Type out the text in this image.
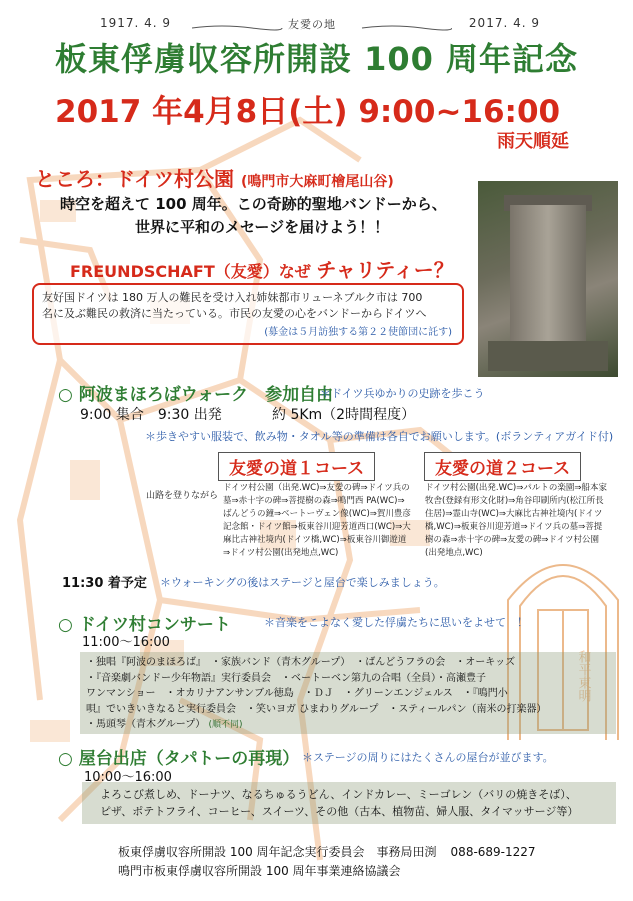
1917. 4. 9	友愛の地	2017. 4. 9
板東俘虜収容所開設 100 周年記念
2017 年4月8日(土) 9:00~16:00
雨天順延
ところ：ドイツ村公園 (鳴門市大麻町檜尾山谷)
時空を超えて 100 周年。この奇跡的聖地バンドーから、
世界に平和のメセージを届けよう！！
FREUNDSCHAFT（友愛）なぜ チャリティー？
友好国ドイツは 180 万人の難民を受け入れ姉妹都市リューネブルク市は 700
名に及ぶ難民の救済に当たっている。市民の友愛の心をバンドーからドイツへ
(募金は５月訪独する第２２使節団に託す)
○ 阿波まほろばウォーク　参加自由
＊ドイツ兵ゆかりの史跡を歩こう
9:00 集合　9:30 出発	約 5Km（2時間程度）
＊歩きやすい服装で、飲み物・タオル等の準備は各自でお願いします。(ボランティアガイド付)
友愛の道１コース	友愛の道２コース
山路を登りながら
ドイツ村公園（出発.WC)⇒友愛の碑⇒ドイツ兵の墓⇒赤十字の碑⇒菩提樹の森⇒鳴門西 PA(WC)⇒ばんどうの鐘⇒ベートーヴェン像(WC)⇒賀川豊彦記念館・ドイツ館⇒板東谷川迎芳道西口(WC)⇒大麻比古神社境内(ドイツ橋,WC)⇒板東谷川御遊道⇒ドイツ村公園(出発地点,WC)
ドイツ村公園(出発.WC)⇒パルトの楽園⇒船本家牧舎(登録有形文化財)⇒角谷印刷所内(松江所長住居)⇒霊山寺(WC)⇒大麻比古神社境内(ドイツ橋,WC)⇒板東谷川迎芳道⇒ドイツ兵の墓⇒菩提樹の森⇒赤十字の碑⇒友愛の碑⇒ドイツ村公園(出発地点,WC)
11:30 着予定 ＊ウォーキングの後はステージと屋台で楽しみましょう。
和平東明
○ ドイツ村コンサート	＊音楽をこよなく愛した俘虜たちに思いをよせて　！
11:00～16:00
・独唱『阿波のまほろば』　・家族バンド（青木グループ）　・ばんどうフラの会　・オーキッズ
・『音楽劇バンドー少年物語』実行委員会　・ベートーベン第九の合唱（全員）・高瀬豊子
ワンマンショー　・オカリナアンサンブル徳島　・ＤＪ　・グリーンエンジェルス　・『鳴門小
唄』でいきいきなると実行委員会　・笑いヨガ ひまわりグループ　・スティールパン（南米の打楽器）
・馬頭琴（青木グループ） (順不同)
○ 屋台出店（タパトーの再現） ＊ステージの周りにはたくさんの屋台が並びます。
10:00～16:00
よろこび煮しめ、ドーナツ、なるちゅるうどん、インドカレー、ミーゴレン（バリの焼きそば）、
ピザ、ポテトフライ、コーヒー、スイーツ、その他（古本、植物苗、婦人服、タイマッサージ等）
板東俘虜収容所開設 100 周年記念実行委員会　事務局田渕 088-689-1227
鳴門市板東俘虜収容所開設 100 周年事業連絡協議会
